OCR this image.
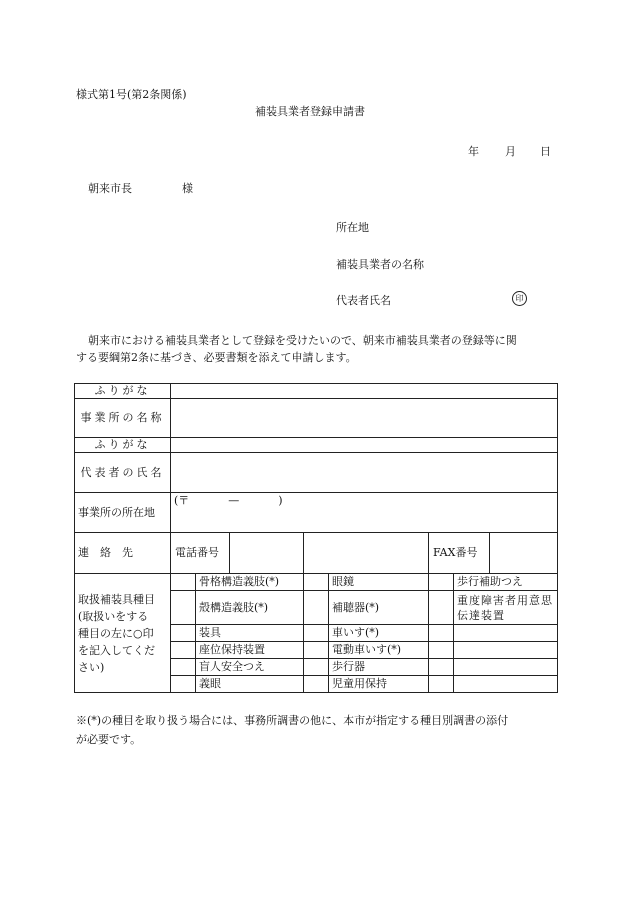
様式第1号(第2条関係)
補装具業者登録申請書
年 月 日
朝来市長	様
所在地
補装具業者の名称
代表者氏名	印
朝来市における補装具業者として登録を受けたいので、朝来市補装具業者の登録等に関
する要綱第2条に基づき、必要書類を添えて申請します。
ふりがな						
事業所の名称						
ふりがな						
代表者の氏名						
事業所の所在地	(〒 — )					
連　絡　先	電話番号				FAX番号	

取扱補装具種目
(取扱いをする
種目の左に○印
を記入してくだ
さい)		骨格構造義肢(*)		眼鏡		歩行補助つえ
		殻構造義肢(*)		補聴器(*)		重度障害者用意思伝達装置
		装具		車いす(*)		
		座位保持装置		電動車いす(*)		
		盲人安全つえ		歩行器		
		義眼		児童用保持		
※(*)の種目を取り扱う場合には、事務所調書の他に、本市が指定する種目別調書の添付
が必要です。
